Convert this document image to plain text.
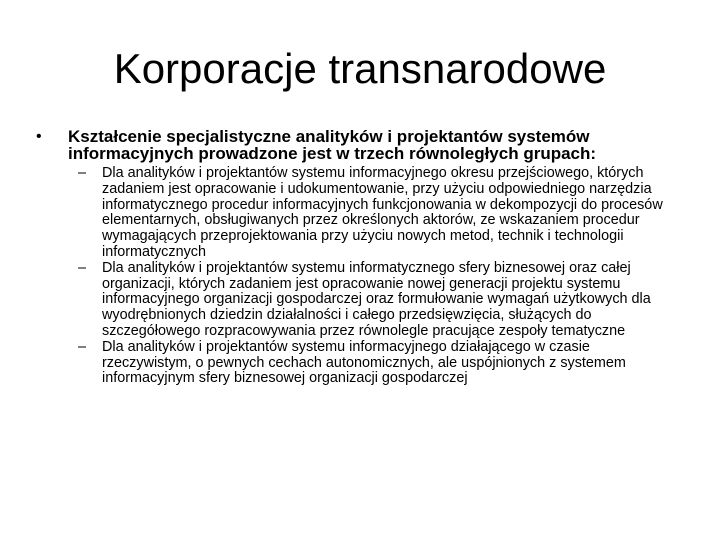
Korporacje transnarodowe
• Kształcenie specjalistyczne analityków i projektantów systemów informacyjnych prowadzone jest w trzech równoległych grupach:

– Dla analityków i projektantów systemu informacyjnego okresu przejściowego, których zadaniem jest opracowanie i udokumentowanie, przy użyciu odpowiedniego narzędzia informatycznego procedur informacyjnych funkcjonowania w dekompozycji do procesów elementarnych, obsługiwanych przez określonych aktorów, ze wskazaniem procedur wymagających przeprojektowania przy użyciu nowych metod, technik i technologii informatycznych
– Dla analityków i projektantów systemu informatycznego sfery biznesowej oraz całej organizacji, których zadaniem jest opracowanie nowej generacji projektu systemu informacyjnego organizacji gospodarczej oraz formułowanie wymagań użytkowych dla wyodrębnionych dziedzin działalności i całego przedsięwzięcia, służących do szczegółowego rozpracowywania przez równolegle pracujące zespoły tematyczne
– Dla analityków i projektantów systemu informacyjnego działającego w czasie rzeczywistym, o pewnych cechach autonomicznych, ale uspójnionych z systemem informacyjnym sfery biznesowej organizacji gospodarczej
